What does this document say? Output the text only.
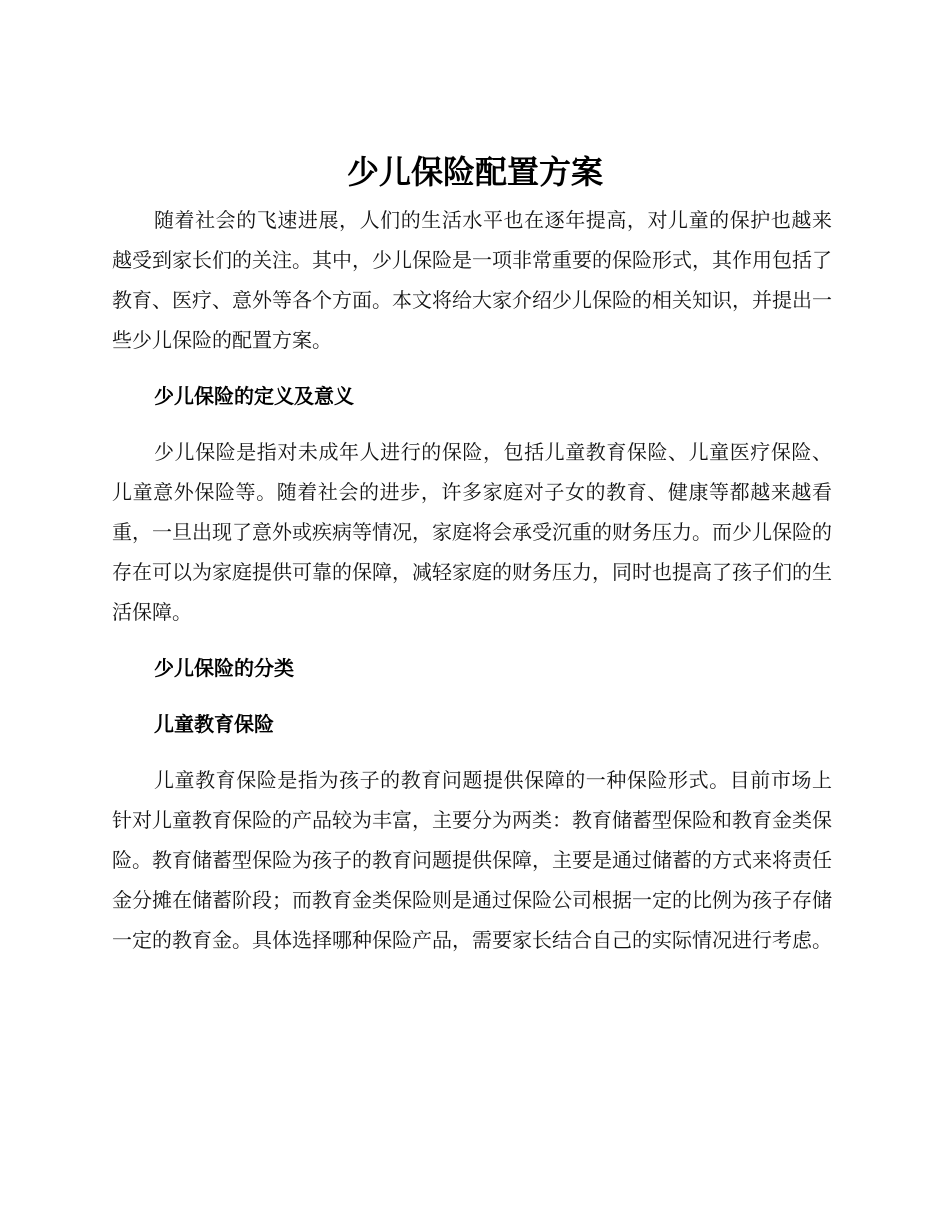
少儿保险配置方案

随着社会的飞速进展，人们的生活水平也在逐年提高，对儿童的保护也越来越受到家长们的关注。其中，少儿保险是一项非常重要的保险形式，其作用包括了教育、医疗、意外等各个方面。本文将给大家介绍少儿保险的相关知识，并提出一些少儿保险的配置方案。

少儿保险的定义及意义

少儿保险是指对未成年人进行的保险，包括儿童教育保险、儿童医疗保险、儿童意外保险等。随着社会的进步，许多家庭对子女的教育、健康等都越来越看重，一旦出现了意外或疾病等情况，家庭将会承受沉重的财务压力。而少儿保险的存在可以为家庭提供可靠的保障，减轻家庭的财务压力，同时也提高了孩子们的生活保障。

少儿保险的分类

儿童教育保险

儿童教育保险是指为孩子的教育问题提供保障的一种保险形式。目前市场上针对儿童教育保险的产品较为丰富，主要分为两类：教育储蓄型保险和教育金类保险。教育储蓄型保险为孩子的教育问题提供保障，主要是通过储蓄的方式来将责任金分摊在储蓄阶段；而教育金类保险则是通过保险公司根据一定的比例为孩子存储一定的教育金。具体选择哪种保险产品，需要家长结合自己的实际情况进行考虑。
